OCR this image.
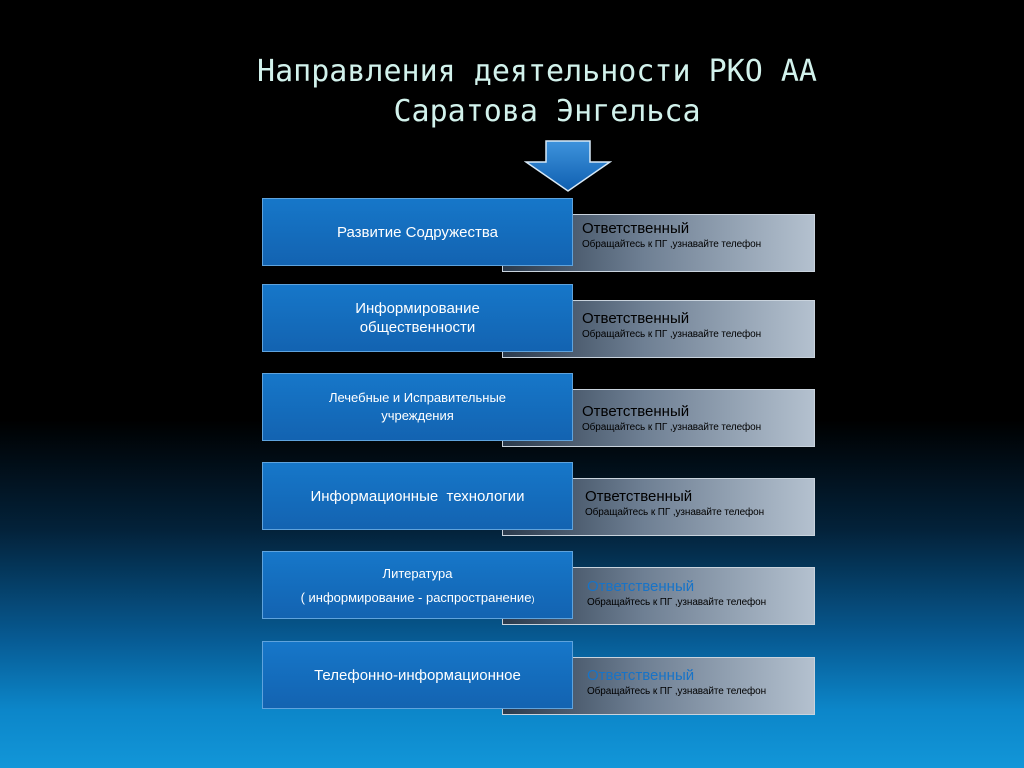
Направления деятельности РКО АА
Саратова Энгельса
Развитие Содружества	Ответственный
Обращайтесь к ПГ ,узнавайте телефон
Информирование
общественности
Ответственный
Обращайтесь к ПГ ,узнавайте телефон
Лечебные и Исправительные
учреждения	Ответственный
Обращайтесь к ПГ ,узнавайте телефон
Информационные  технологии	Ответственный
Обращайтесь к ПГ ,узнавайте телефон
Литература
( информирование - распространение)
Ответственный
Обращайтесь к ПГ ,узнавайте телефон
Телефонно-информационное	Ответственный
Обращайтесь к ПГ ,узнавайте телефон
